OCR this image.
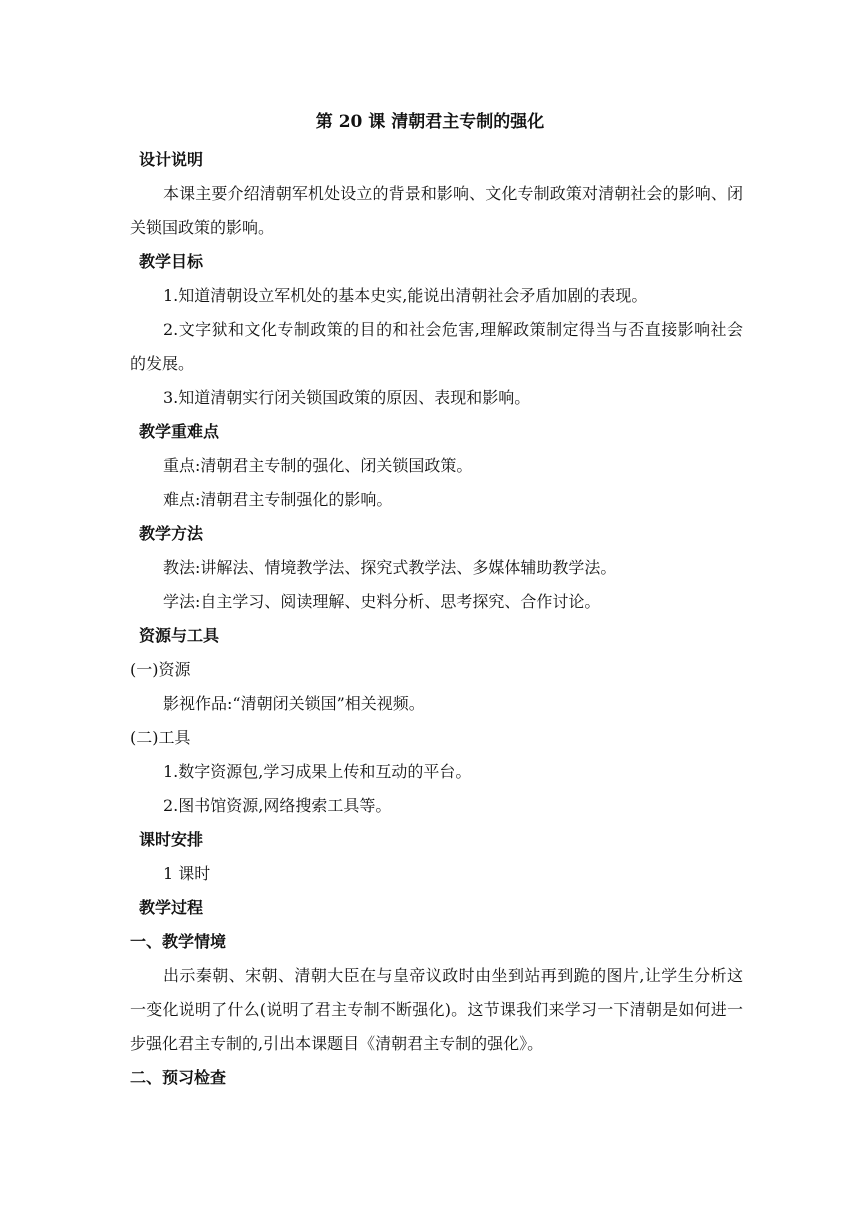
第 20 课 清朝君主专制的强化

设计说明

本课主要介绍清朝军机处设立的背景和影响、文化专制政策对清朝社会的影响、闭关锁国政策的影响。

教学目标

1.知道清朝设立军机处的基本史实,能说出清朝社会矛盾加剧的表现。

2.文字狱和文化专制政策的目的和社会危害,理解政策制定得当与否直接影响社会的发展。

3.知道清朝实行闭关锁国政策的原因、表现和影响。

教学重难点

重点:清朝君主专制的强化、闭关锁国政策。

难点:清朝君主专制强化的影响。

教学方法

教法:讲解法、情境教学法、探究式教学法、多媒体辅助教学法。

学法:自主学习、阅读理解、史料分析、思考探究、合作讨论。

资源与工具

(一)资源

影视作品:“清朝闭关锁国”相关视频。

(二)工具

1.数字资源包,学习成果上传和互动的平台。

2.图书馆资源,网络搜索工具等。

课时安排

1 课时

教学过程

一、教学情境

出示秦朝、宋朝、清朝大臣在与皇帝议政时由坐到站再到跪的图片,让学生分析这一变化说明了什么(说明了君主专制不断强化)。这节课我们来学习一下清朝是如何进一步强化君主专制的,引出本课题目《清朝君主专制的强化》。

二、预习检查
